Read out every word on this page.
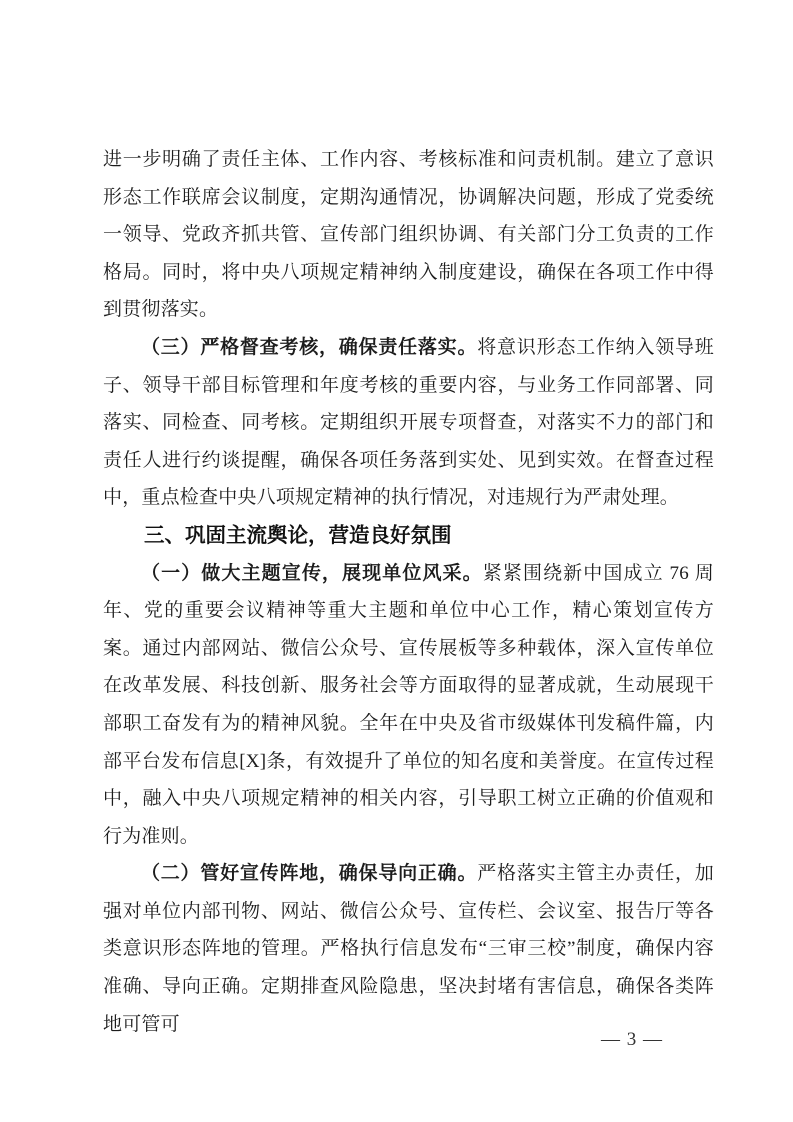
进一步明确了责任主体、工作内容、考核标准和问责机制。建立了意识形态工作联席会议制度，定期沟通情况，协调解决问题，形成了党委统一领导、党政齐抓共管、宣传部门组织协调、有关部门分工负责的工作格局。同时，将中央八项规定精神纳入制度建设，确保在各项工作中得到贯彻落实。

（三）严格督查考核，确保责任落实。将意识形态工作纳入领导班子、领导干部目标管理和年度考核的重要内容，与业务工作同部署、同落实、同检查、同考核。定期组织开展专项督查，对落实不力的部门和责任人进行约谈提醒，确保各项任务落到实处、见到实效。在督查过程中，重点检查中央八项规定精神的执行情况，对违规行为严肃处理。

三、巩固主流舆论，营造良好氛围

（一）做大主题宣传，展现单位风采。紧紧围绕新中国成立 76 周年、党的重要会议精神等重大主题和单位中心工作，精心策划宣传方案。通过内部网站、微信公众号、宣传展板等多种载体，深入宣传单位在改革发展、科技创新、服务社会等方面取得的显著成就，生动展现干部职工奋发有为的精神风貌。全年在中央及省市级媒体刊发稿件篇，内部平台发布信息[X]条，有效提升了单位的知名度和美誉度。在宣传过程中，融入中央八项规定精神的相关内容，引导职工树立正确的价值观和行为准则。

（二）管好宣传阵地，确保导向正确。严格落实主管主办责任，加强对单位内部刊物、网站、微信公众号、宣传栏、会议室、报告厅等各类意识形态阵地的管理。严格执行信息发布“三审三校”制度，确保内容准确、导向正确。定期排查风险隐患，坚决封堵有害信息，确保各类阵地可管可

— 3 —
